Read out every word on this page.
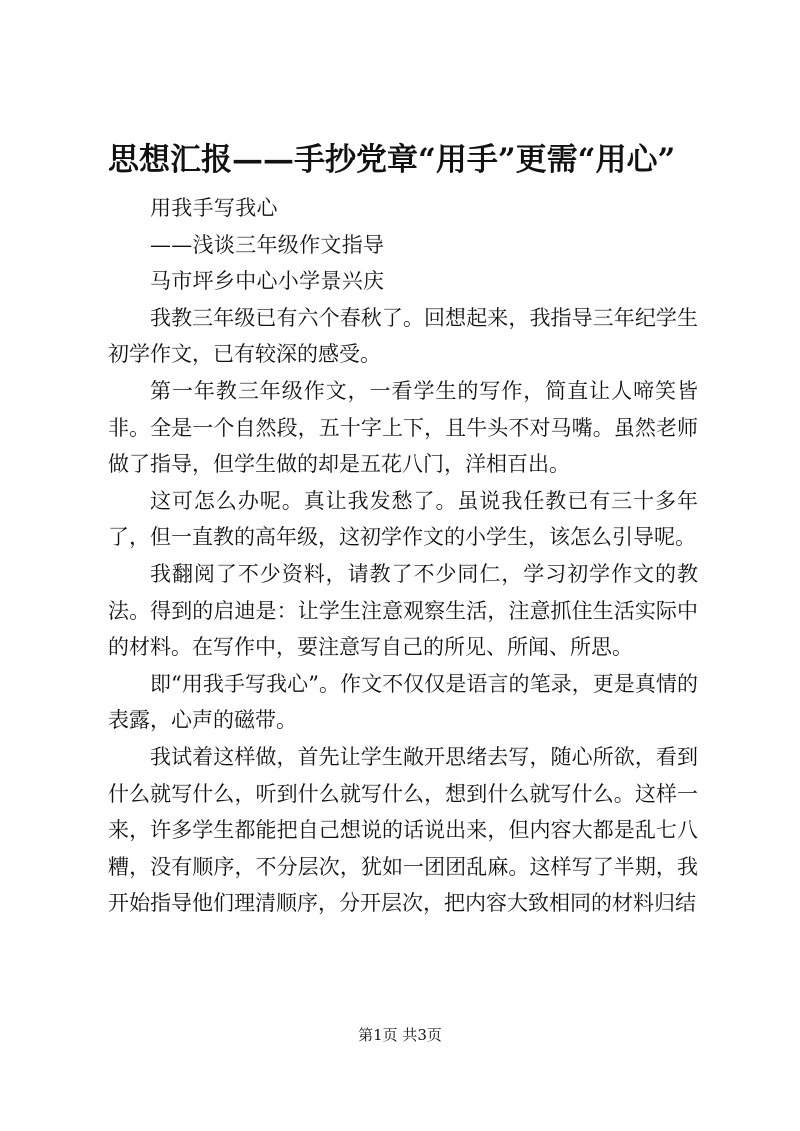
思想汇报——手抄党章“用手”更需“用心”

用我手写我心

——浅谈三年级作文指导

马市坪乡中心小学景兴庆

我教三年级已有六个春秋了。回想起来，我指导三年纪学生初学作文，已有较深的感受。

第一年教三年级作文，一看学生的写作，简直让人啼笑皆非。全是一个自然段，五十字上下，且牛头不对马嘴。虽然老师做了指导，但学生做的却是五花八门，洋相百出。

这可怎么办呢。真让我发愁了。虽说我任教已有三十多年了，但一直教的高年级，这初学作文的小学生，该怎么引导呢。

我翻阅了不少资料，请教了不少同仁，学习初学作文的教法。得到的启迪是：让学生注意观察生活，注意抓住生活实际中的材料。在写作中，要注意写自己的所见、所闻、所思。

即“用我手写我心”。作文不仅仅是语言的笔录，更是真情的表露，心声的磁带。

我试着这样做，首先让学生敞开思绪去写，随心所欲，看到什么就写什么，听到什么就写什么，想到什么就写什么。这样一来，许多学生都能把自己想说的话说出来，但内容大都是乱七八糟，没有顺序，不分层次，犹如一团团乱麻。这样写了半期，我开始指导他们理清顺序，分开层次，把内容大致相同的材料归结

第1页 共3页
